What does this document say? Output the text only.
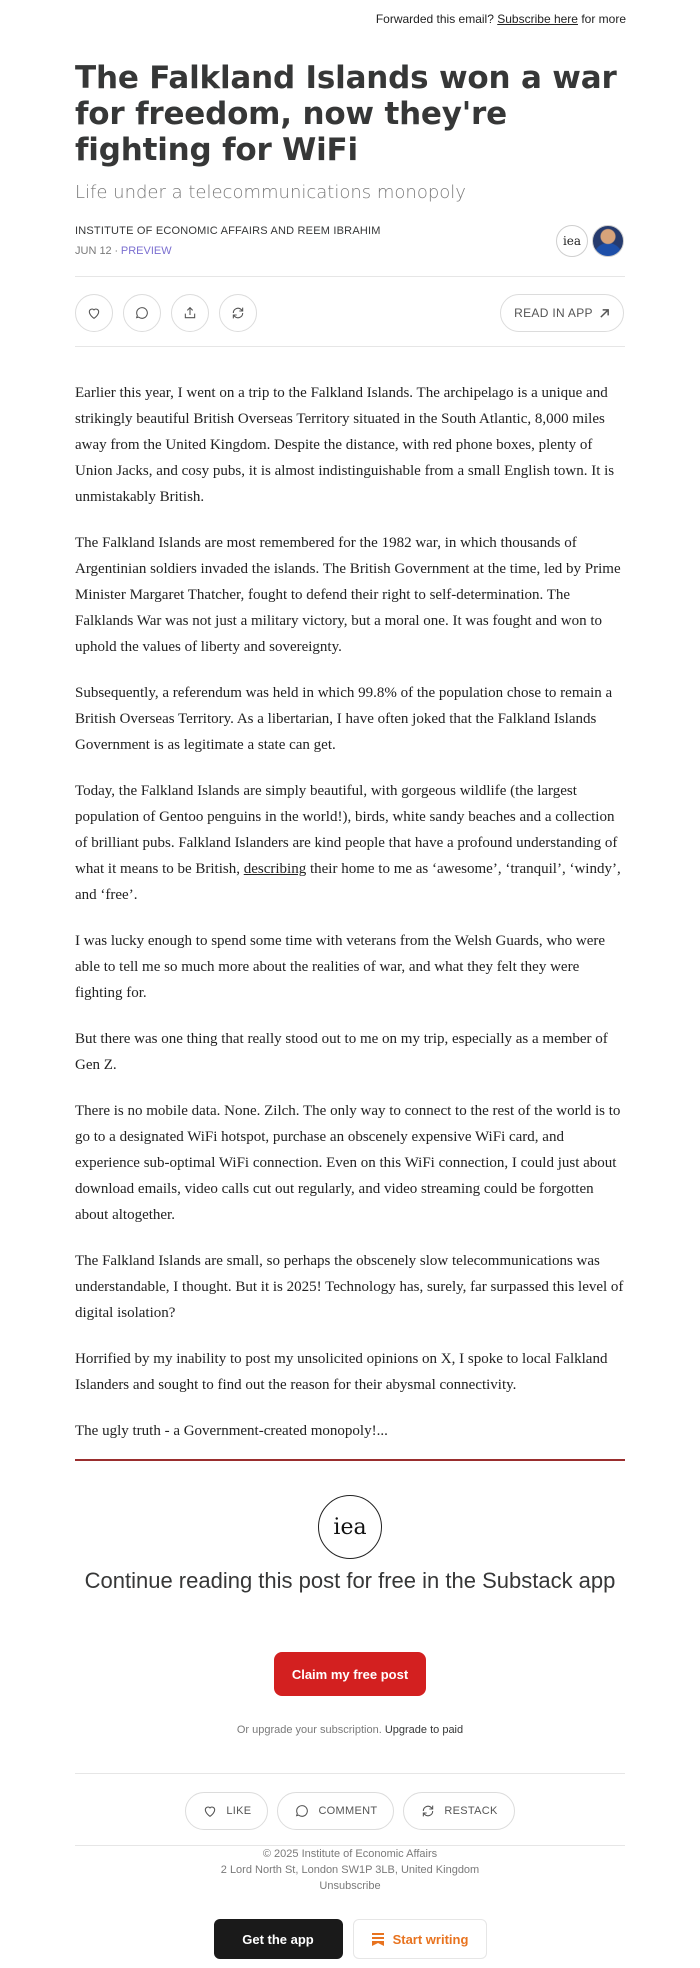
Forwarded this email? Subscribe here for more
The Falkland Islands won a war for freedom, now they're fighting for WiFi
Life under a telecommunications monopoly
INSTITUTE OF ECONOMIC AFFAIRS AND REEM IBRAHIM
JUN 12 ∙ PREVIEW
iea
READ IN APP

Earlier this year, I went on a trip to the Falkland Islands. The archipelago is a unique and strikingly beautiful British Overseas Territory situated in the South Atlantic, 8,000 miles away from the United Kingdom. Despite the distance, with red phone boxes, plenty of Union Jacks, and cosy pubs, it is almost indistinguishable from a small English town. It is unmistakably British.

The Falkland Islands are most remembered for the 1982 war, in which thousands of Argentinian soldiers invaded the islands. The British Government at the time, led by Prime Minister Margaret Thatcher, fought to defend their right to self-determination. The Falklands War was not just a military victory, but a moral one. It was fought and won to uphold the values of liberty and sovereignty.

Subsequently, a referendum was held in which 99.8% of the population chose to remain a British Overseas Territory. As a libertarian, I have often joked that the Falkland Islands Government is as legitimate a state can get.

Today, the Falkland Islands are simply beautiful, with gorgeous wildlife (the largest population of Gentoo penguins in the world!), birds, white sandy beaches and a collection of brilliant pubs. Falkland Islanders are kind people that have a profound understanding of what it means to be British, describing their home to me as ‘awesome’, ‘tranquil’, ‘windy’, and ‘free’.

I was lucky enough to spend some time with veterans from the Welsh Guards, who were able to tell me so much more about the realities of war, and what they felt they were fighting for.

But there was one thing that really stood out to me on my trip, especially as a member of Gen Z.

There is no mobile data. None. Zilch. The only way to connect to the rest of the world is to go to a designated WiFi hotspot, purchase an obscenely expensive WiFi card, and experience sub-optimal WiFi connection. Even on this WiFi connection, I could just about download emails, video calls cut out regularly, and video streaming could be forgotten about altogether.

The Falkland Islands are small, so perhaps the obscenely slow telecommunications was understandable, I thought. But it is 2025! Technology has, surely, far surpassed this level of digital isolation?

Horrified by my inability to post my unsolicited opinions on X, I spoke to local Falkland Islanders and sought to find out the reason for their abysmal connectivity.

The ugly truth - a Government-created monopoly!...

iea
Continue reading this post for free in the Substack app
Claim my free post
Or upgrade your subscription. Upgrade to paid
LIKE	COMMENT	RESTACK
© 2025 Institute of Economic Affairs
2 Lord North St, London SW1P 3LB, United Kingdom
Unsubscribe
Get the app	Start writing
